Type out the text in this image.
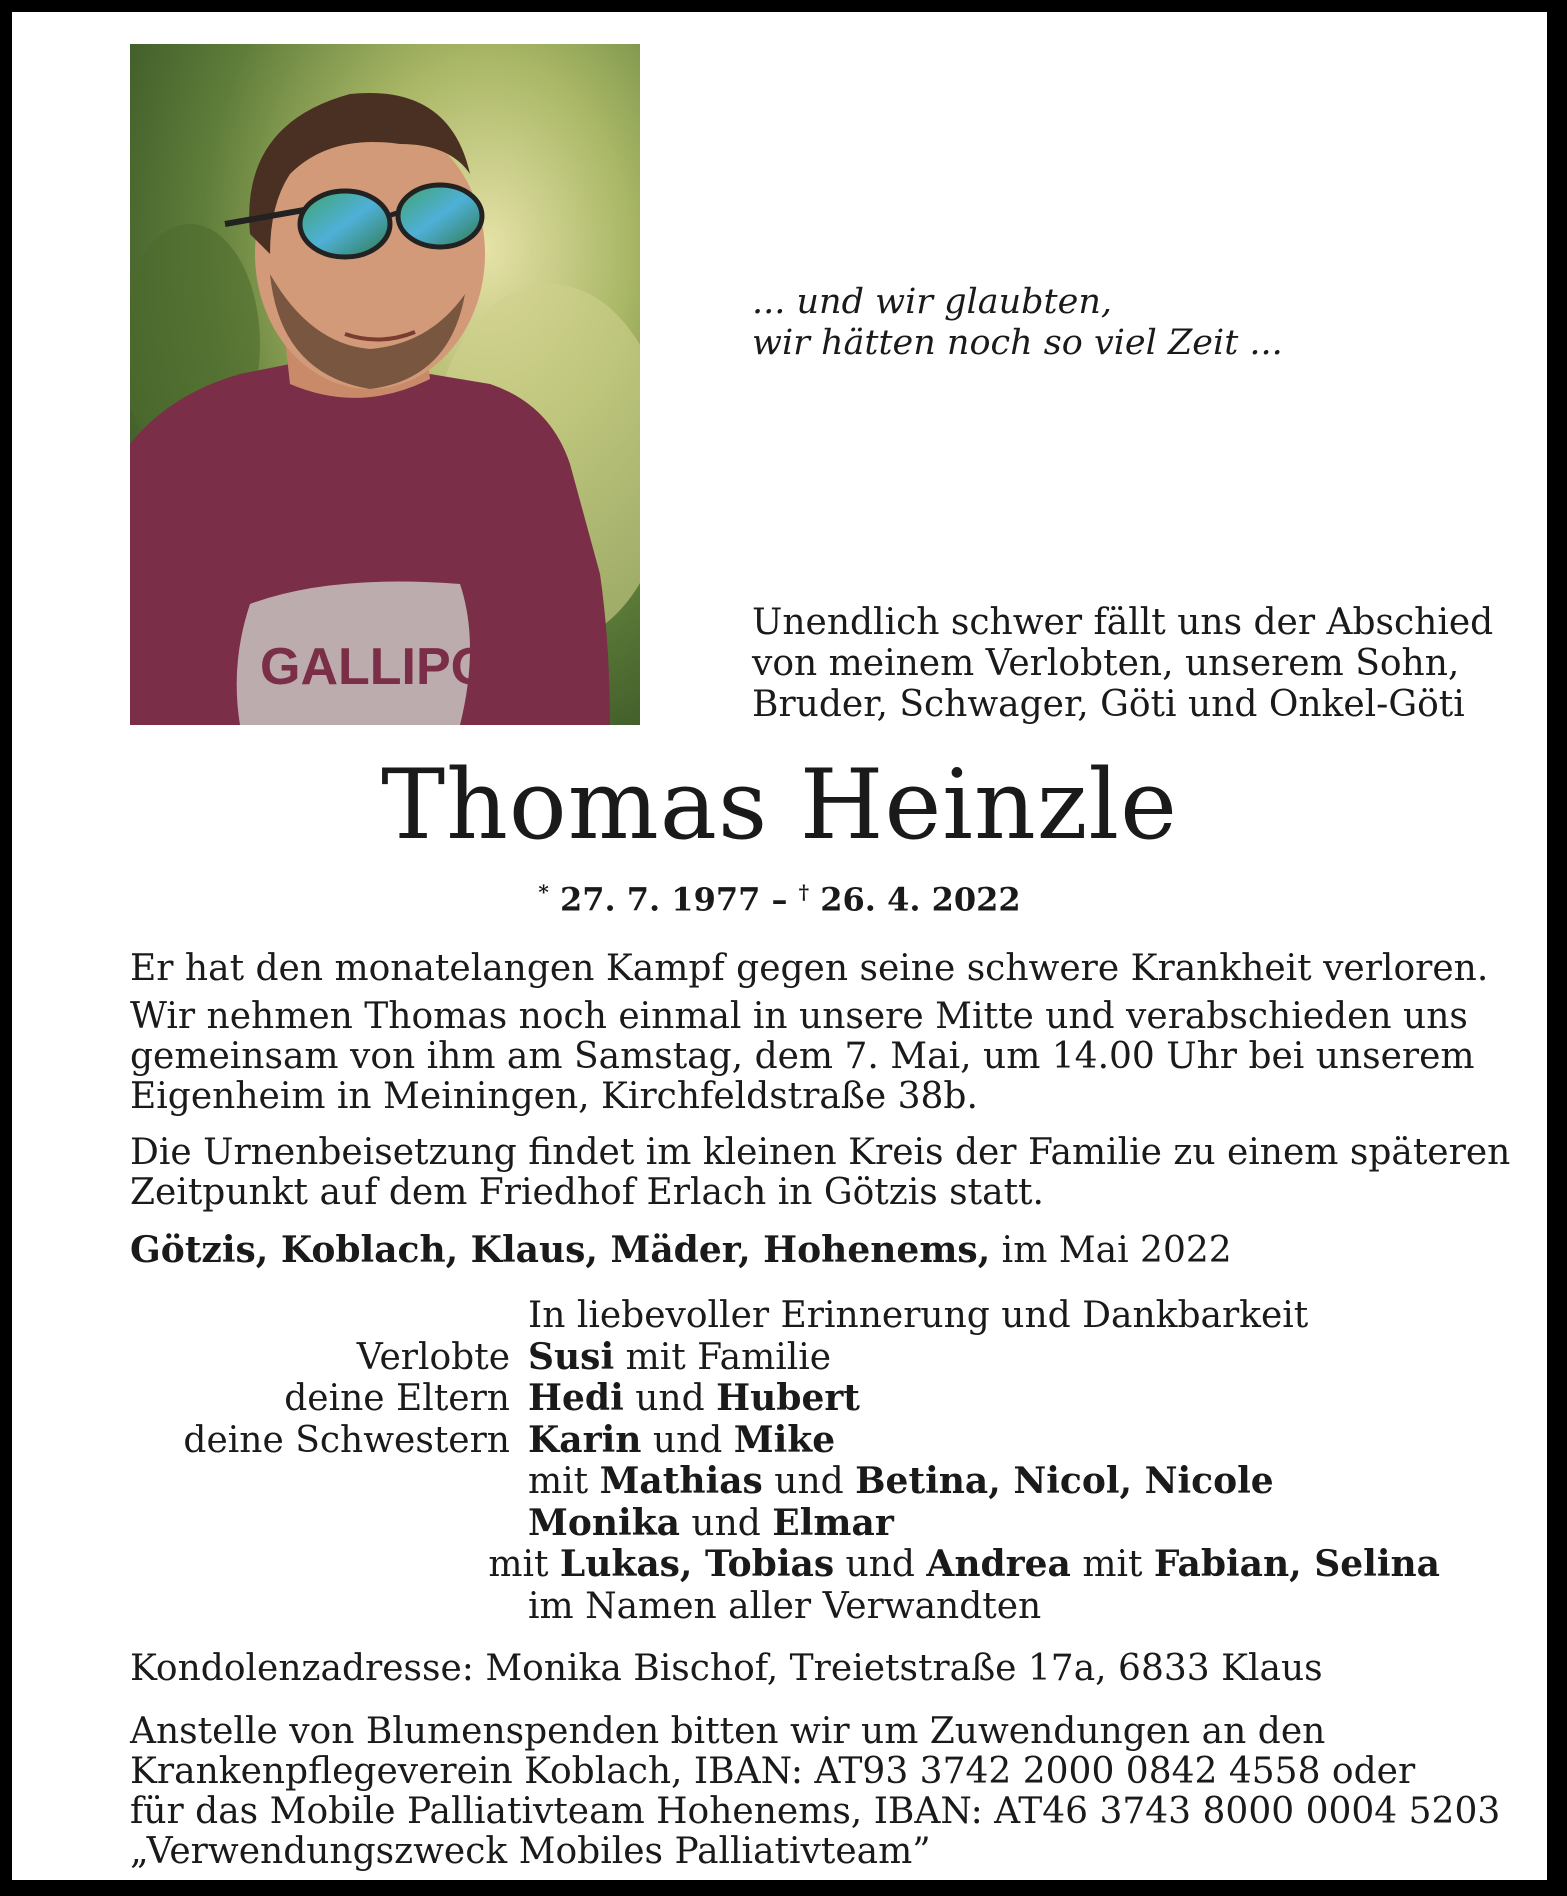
GALLIPOLI
... und wir glaubten,
wir hätten noch so viel Zeit ...
Unendlich schwer fällt uns der Abschied
von meinem Verlobten, unserem Sohn,
Bruder, Schwager, Göti und Onkel-Göti
Thomas Heinzle
* 27. 7. 1977 – † 26. 4. 2022
Er hat den monatelangen Kampf gegen seine schwere Krankheit verloren.
Wir nehmen Thomas noch einmal in unsere Mitte und verabschieden uns
gemeinsam von ihm am Samstag, dem 7. Mai, um 14.00 Uhr bei unserem
Eigenheim in Meiningen, Kirchfeldstraße 38b.
Die Urnenbeisetzung findet im kleinen Kreis der Familie zu einem späteren
Zeitpunkt auf dem Friedhof Erlach in Götzis statt.
Götzis, Koblach, Klaus, Mäder, Hohenems, im Mai 2022
In liebevoller Erinnerung und Dankbarkeit
Verlobte Susi mit Familie
deine Eltern Hedi und Hubert
deine Schwestern Karin und Mike
mit Mathias und Betina, Nicol, Nicole
Monika und Elmar
mit Lukas, Tobias und Andrea mit Fabian, Selina
im Namen aller Verwandten
Kondolenzadresse: Monika Bischof, Treietstraße 17a, 6833 Klaus
Anstelle von Blumenspenden bitten wir um Zuwendungen an den
Krankenpflegeverein Koblach, IBAN: AT93 3742 2000 0842 4558 oder
für das Mobile Palliativteam Hohenems, IBAN: AT46 3743 8000 0004 5203
„Verwendungszweck Mobiles Palliativteam”
